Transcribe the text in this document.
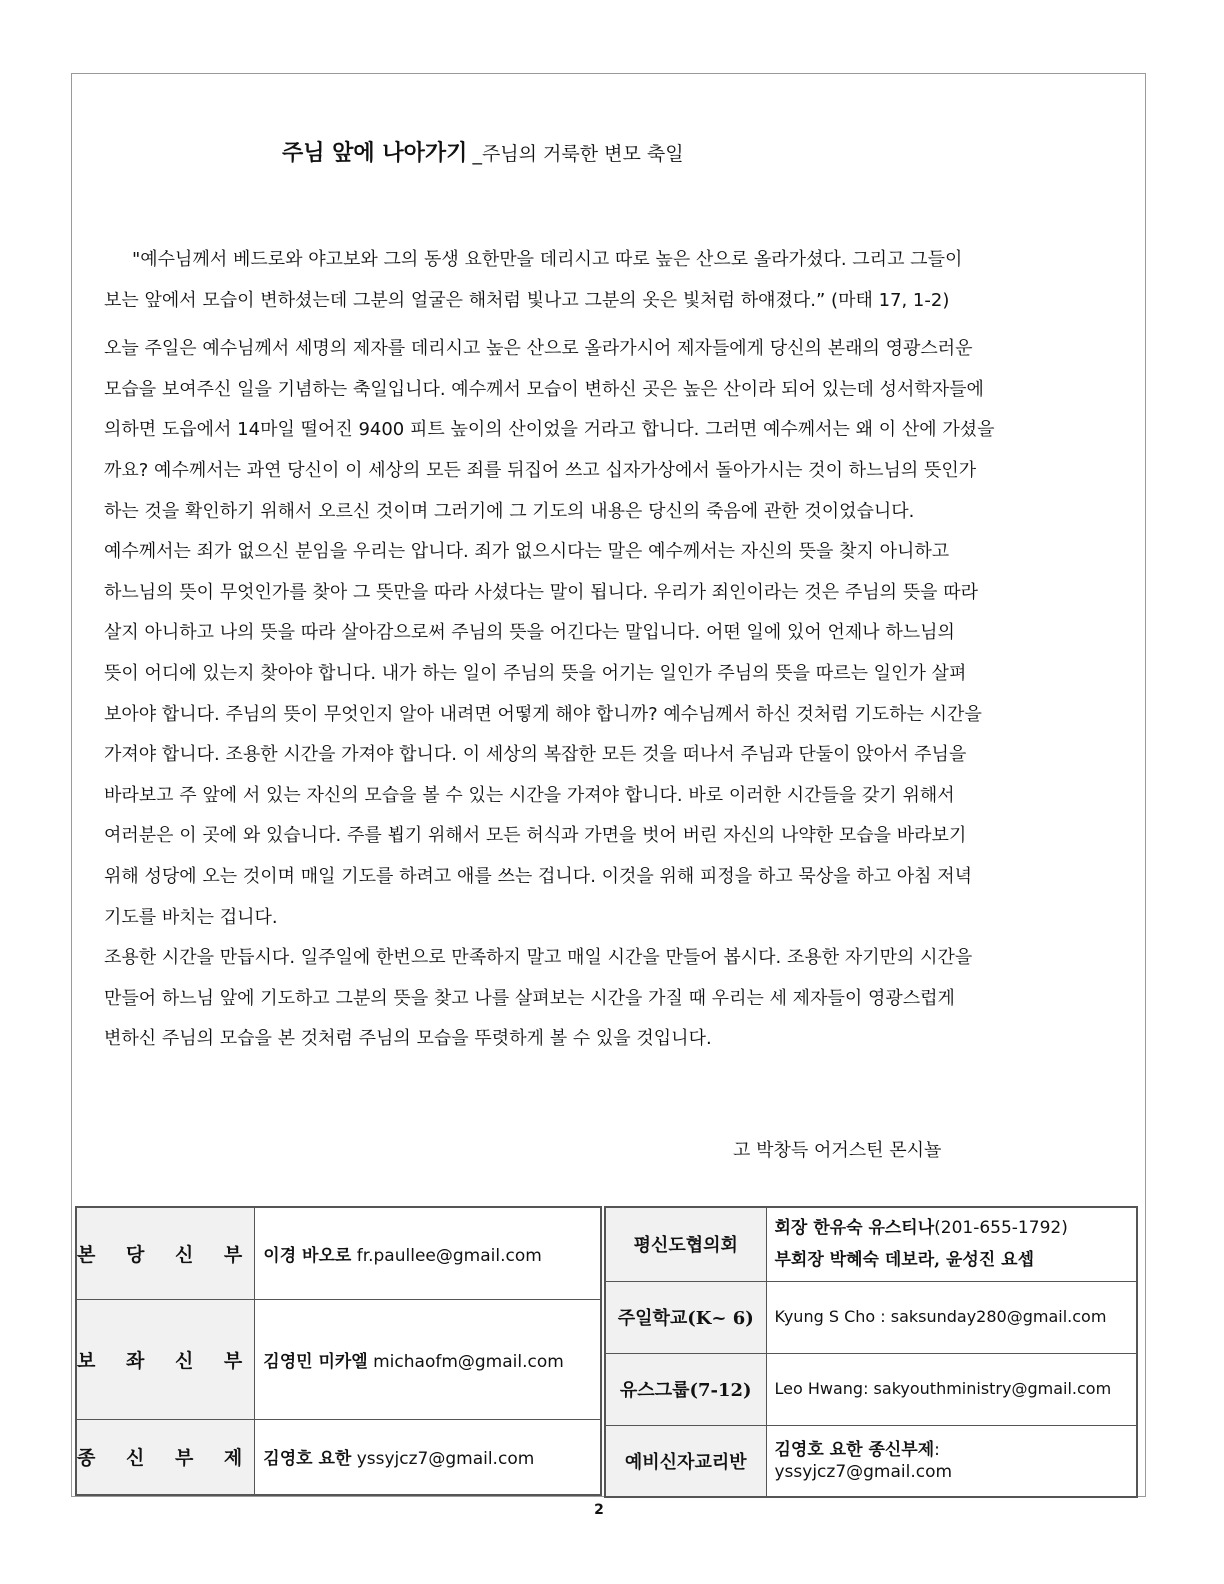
주님 앞에 나아가기 _주님의 거룩한 변모 축일
"예수님께서 베드로와 야고보와 그의 동생 요한만을 데리시고 따로 높은 산으로 올라가셨다. 그리고 그들이
보는 앞에서 모습이 변하셨는데 그분의 얼굴은 해처럼 빛나고 그분의 옷은 빛처럼 하얘졌다.” (마태 17, 1-2)
오늘 주일은 예수님께서 세명의 제자를 데리시고 높은 산으로 올라가시어 제자들에게 당신의 본래의 영광스러운
모습을 보여주신 일을 기념하는 축일입니다. 예수께서 모습이 변하신 곳은 높은 산이라 되어 있는데 성서학자들에
의하면 도읍에서 14마일 떨어진 9400 피트 높이의 산이었을 거라고 합니다. 그러면 예수께서는 왜 이 산에 가셨을
까요? 예수께서는 과연 당신이 이 세상의 모든 죄를 뒤집어 쓰고 십자가상에서 돌아가시는 것이 하느님의 뜻인가
하는 것을 확인하기 위해서 오르신 것이며 그러기에 그 기도의 내용은 당신의 죽음에 관한 것이었습니다.
예수께서는 죄가 없으신 분임을 우리는 압니다. 죄가 없으시다는 말은 예수께서는 자신의 뜻을 찾지 아니하고
하느님의 뜻이 무엇인가를 찾아 그 뜻만을 따라 사셨다는 말이 됩니다. 우리가 죄인이라는 것은 주님의 뜻을 따라
살지 아니하고 나의 뜻을 따라 살아감으로써 주님의 뜻을 어긴다는 말입니다. 어떤 일에 있어 언제나 하느님의
뜻이 어디에 있는지 찾아야 합니다. 내가 하는 일이 주님의 뜻을 어기는 일인가 주님의 뜻을 따르는 일인가 살펴
보아야 합니다. 주님의 뜻이 무엇인지 알아 내려면 어떻게 해야 합니까? 예수님께서 하신 것처럼 기도하는 시간을
가져야 합니다. 조용한 시간을 가져야 합니다. 이 세상의 복잡한 모든 것을 떠나서 주님과 단둘이 앉아서 주님을
바라보고 주 앞에 서 있는 자신의 모습을 볼 수 있는 시간을 가져야 합니다. 바로 이러한 시간들을 갖기 위해서
여러분은 이 곳에 와 있습니다. 주를 뵙기 위해서 모든 허식과 가면을 벗어 버린 자신의 나약한 모습을 바라보기
위해 성당에 오는 것이며 매일 기도를 하려고 애를 쓰는 겁니다. 이것을 위해 피정을 하고 묵상을 하고 아침 저녁
기도를 바치는 겁니다.
조용한 시간을 만듭시다. 일주일에 한번으로 만족하지 말고 매일 시간을 만들어 봅시다. 조용한 자기만의 시간을
만들어 하느님 앞에 기도하고 그분의 뜻을 찾고 나를 살펴보는 시간을 가질 때 우리는 세 제자들이 영광스럽게
변하신 주님의 모습을 본 것처럼 주님의 모습을 뚜렷하게 볼 수 있을 것입니다.
고 박창득 어거스틴 몬시뇰
본 당 신 부	이경 바오로 fr.paullee@gmail.com
보 좌 신 부	김영민 미카엘 michaofm@gmail.com
종 신 부 제	김영호 요한 yssyjcz7@gmail.com
평신도협의회	회장 한유숙 유스티나(201-655-1792)
부회장 박혜숙 데보라, 윤성진 요셉

주일학교(K~ 6)	Kyung S Cho : saksunday280@gmail.com
유스그룹(7-12)	Leo Hwang: sakyouthministry@gmail.com
예비신자교리반	김영호 요한 종신부제:
yssyjcz7@gmail.com
2
